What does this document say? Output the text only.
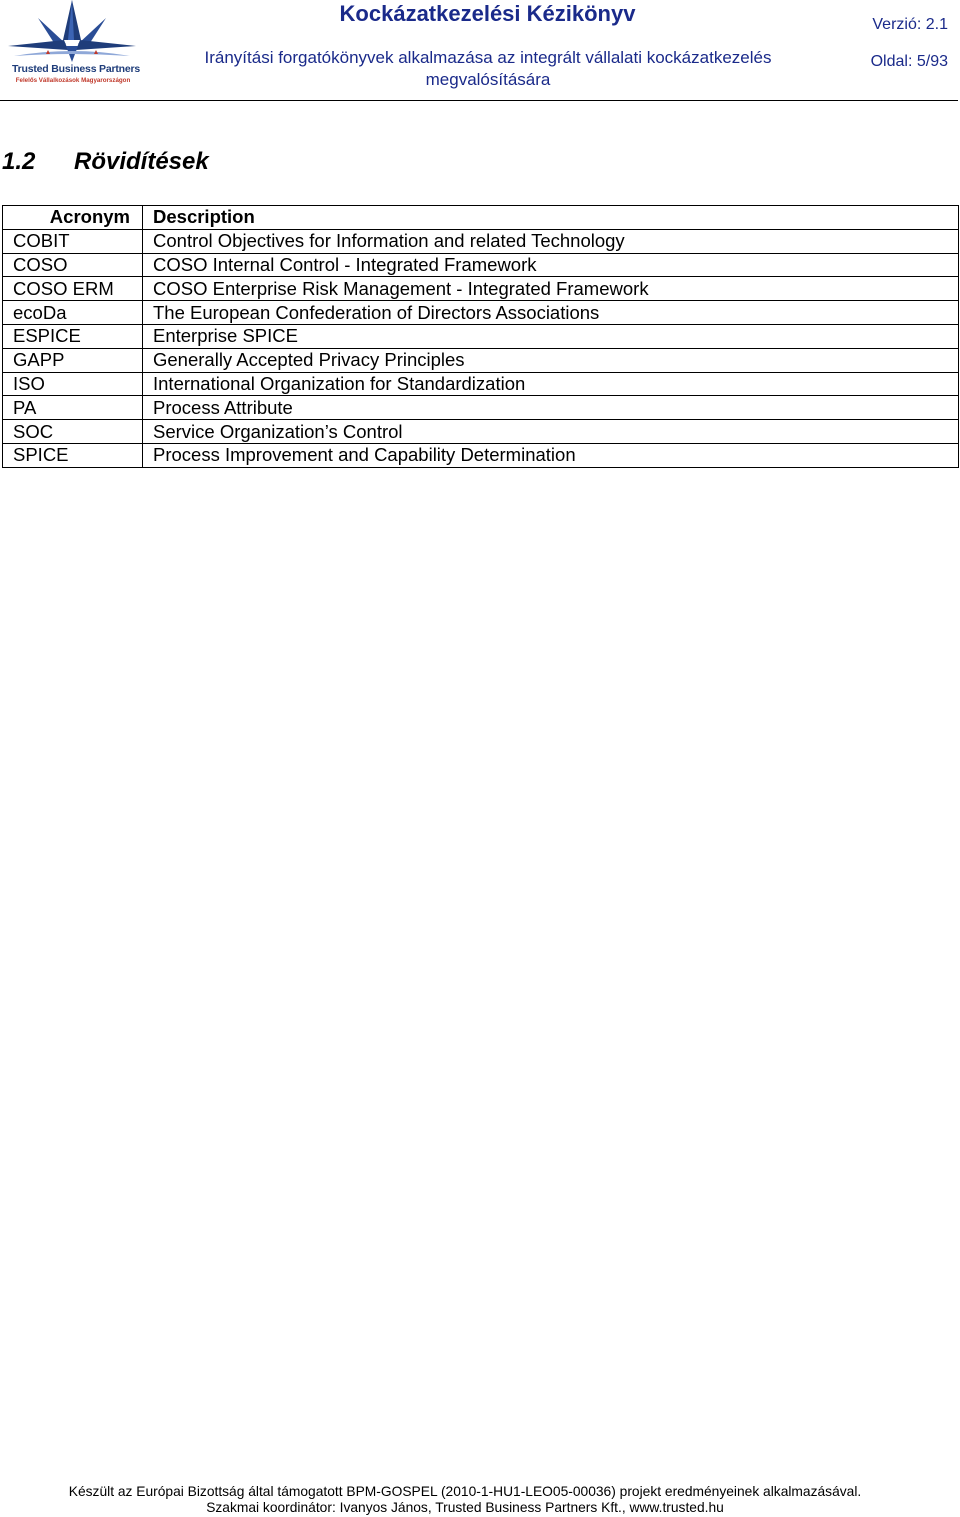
Trusted Business Partners
Felelős Vállalkozások Magyarországon
Kockázatkezelési Kézikönyv
Irányítási forgatókönyvek alkalmazása az integrált vállalati kockázatkezelés
megvalósítására
Verzió: 2.1
Oldal: 5/93
1.2 Rövidítések
Acronym	Description
COBIT	Control Objectives for Information and related Technology
COSO	COSO Internal Control - Integrated Framework
COSO ERM	COSO Enterprise Risk Management - Integrated Framework
ecoDa	The European Confederation of Directors Associations
ESPICE	Enterprise SPICE
GAPP	Generally Accepted Privacy Principles
ISO	International Organization for Standardization
PA	Process Attribute
SOC	Service Organization’s Control
SPICE	Process Improvement and Capability Determination
Készült az Európai Bizottság által támogatott BPM-GOSPEL (2010-1-HU1-LEO05-00036) projekt eredményeinek alkalmazásával.
Szakmai koordinátor: Ivanyos János, Trusted Business Partners Kft., www.trusted.hu
